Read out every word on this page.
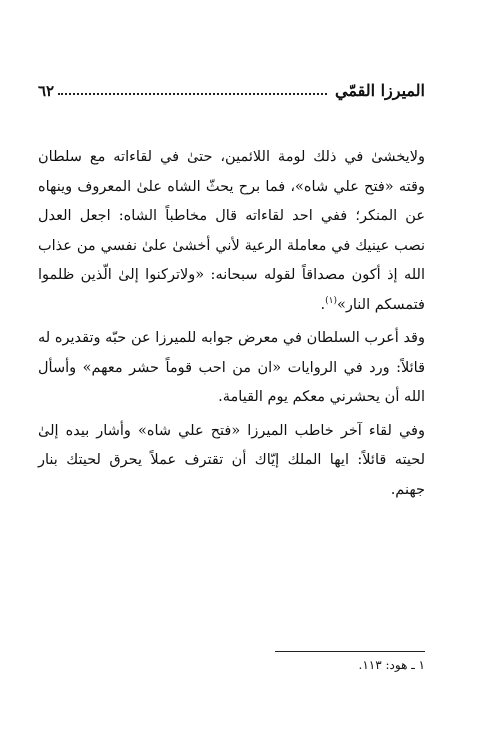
الميرزا القمّي
٦٢

ولايخشىٰ في ذلك لومة اللائمين، حتىٰ في لقاءاته مع سلطان وقته «فتح علي شاه»، فما برح يحثّ الشاه علىٰ المعروف وينهاه عن المنكر؛ ففي احد لقاءاته قال مخاطباً الشاه: اجعل العدل نصب عينيك في معاملة الرعية لأني أخشىٰ علىٰ نفسي من عذاب الله إذ أكون مصداقاً لقوله سبحانه: «ولاتركنوا إلىٰ الّذين ظلموا فتمسكم النار»$^{(١)}$.

وقد أعرب السلطان في معرض جوابه للميرزا عن حبّه وتقديره له قائلاً: ورد في الروايات «ان من احب قوماً حشر معهم» وأسأل الله أن يحشرني معكم يوم القيامة.

وفي لقاء آخر خاطب الميرزا «فتح علي شاه» وأشار بيده إلىٰ لحيته قائلاً: ايها الملك إيّاك أن تقترف عملاً يحرق لحيتك بنار جهنم.

١ ـ هود: ١١٣.
